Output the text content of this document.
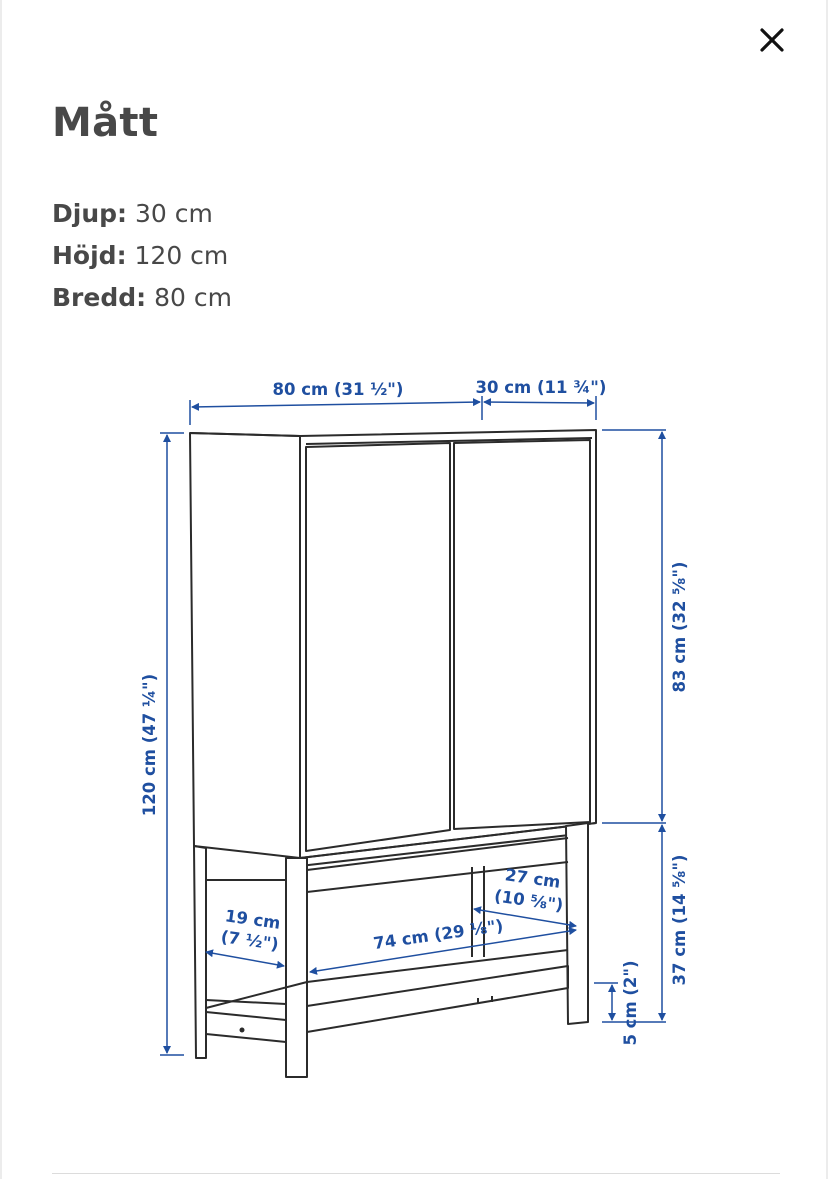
Mått
Djup: 30 cm
Höjd: 120 cm
Bredd: 80 cm
80 cm (31 ½")	30 cm (11 ¾")
120 cm (47 ¼")
83 cm (32 ⅝")
37 cm (14 ⅝")
5 cm (2")
74 cm (29 ⅛")
27 cm
(10 ⅝")
19 cm
(7 ½")
